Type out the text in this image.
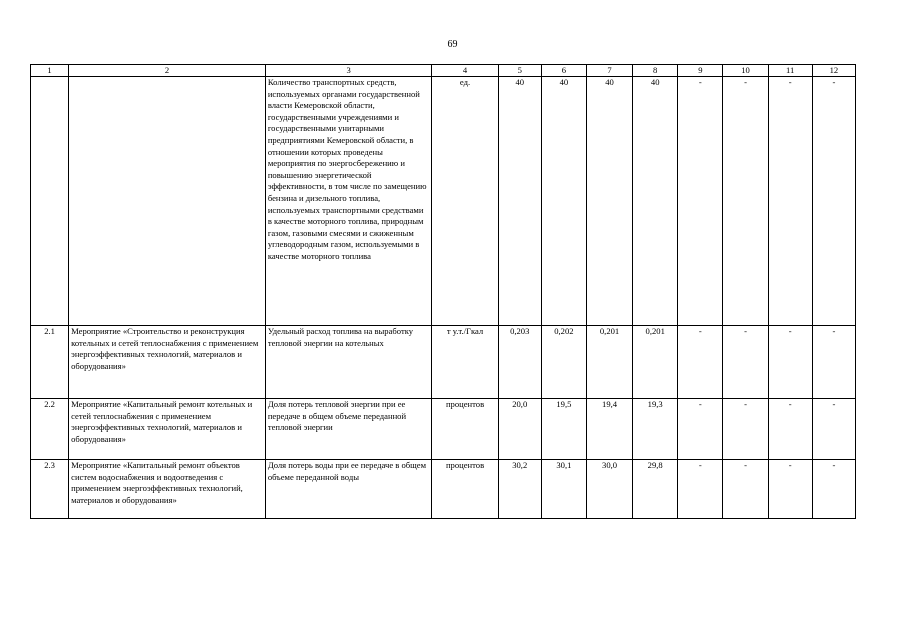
69
1	2	3	4	5	6	7	8	9	10	11	12
		Количество транспортных средств, используемых органами государственной власти Кемеровской области, государственными учреждениями и государственными унитарными предприятиями Кемеровской области, в отношении которых проведены мероприятия по энергосбережению и повышению энергетической эффективности, в том числе по замещению бензина и дизельного топлива, используемых транспортными средствами в качестве моторного топлива, природным газом, газовыми смесями и сжиженным углеводородным газом, используемыми в качестве моторного топлива	ед.	40	40	40	40	-	-	-	-
2.1	Мероприятие «Строительство и реконструкция котельных и сетей теплоснабжения с применением энергоэффективных технологий, материалов и оборудования»	Удельный расход топлива на выработку тепловой энергии на котельных	т у.т./Гкал	0,203	0,202	0,201	0,201	-	-	-	-
2.2	Мероприятие «Капитальный ремонт котельных и сетей теплоснабжения с применением энергоэффективных технологий, материалов и оборудования»	Доля потерь тепловой энергии при ее передаче в общем объеме переданной тепловой энергии	процентов	20,0	19,5	19,4	19,3	-	-	-	-
2.3	Мероприятие «Капитальный ремонт объектов систем водоснабжения и водоотведения с применением энергоэффективных технологий, материалов и оборудования»	Доля потерь воды при ее передаче в общем объеме переданной воды	процентов	30,2	30,1	30,0	29,8	-	-	-	-
